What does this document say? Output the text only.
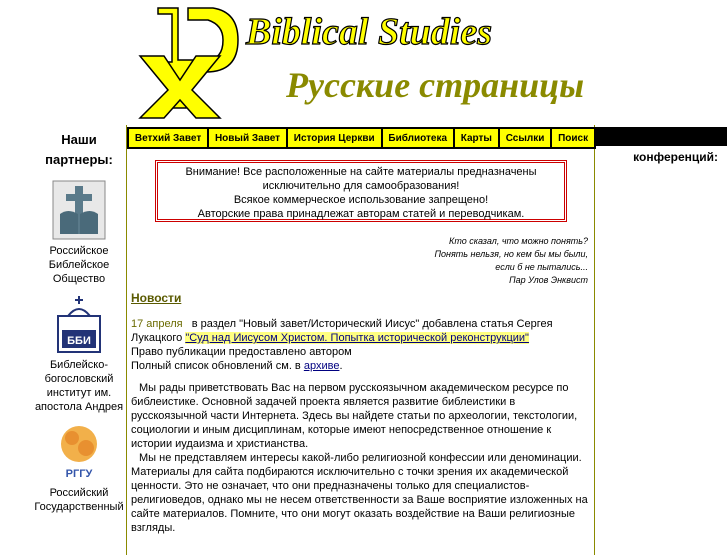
Biblical Studies
Русские страницы
Наши партнеры:
Российское Библейское Общество
ББИ
Библейско-богословский институт им. апостола Андрея
РГГУ
Российский Государственный
конференций:
Ветхий Завет	Новый Завет	История Церкви	Библиотека	Карты	Ссылки	Поиск
Внимание! Все расположенные на сайте материалы предназначены
исключительно для самообразования!
Всякое коммерческое использование запрещено!
Авторские права принадлежат авторам статей и переводчикам.
Кто сказал, что можно понять?
Понять нельзя, но кем бы мы были,
если б не пытались...
Пар Улов Энквист
Новости

17 апреля в раздел "Новый завет/Исторический Иисус" добавлена статья Сергея Лукацкого "Суд над Иисусом Христом. Попытка исторической реконструкции"

Право публикации предоставлено автором

Полный список обновлений см. в архиве.

Мы рады приветствовать Вас на первом русскоязычном академическом ресурсе по библеистике. Основной задачей проекта является развитие библеистики в русскоязычной части Интернета. Здесь вы найдете статьи по археологии, текстологии, социологии и иным дисциплинам, которые имеют непосредственное отношение к истории иудаизма и христианства.

Мы не представляем интересы какой-либо религиозной конфессии или деноминации. Материалы для сайта подбираются исключительно с точки зрения их академической ценности. Это не означает, что они предназначены только для специалистов-религиоведов, однако мы не несем ответственности за Ваше восприятие изложенных на сайте материалов. Помните, что они могут оказать воздействие на Ваши религиозные взгляды.
